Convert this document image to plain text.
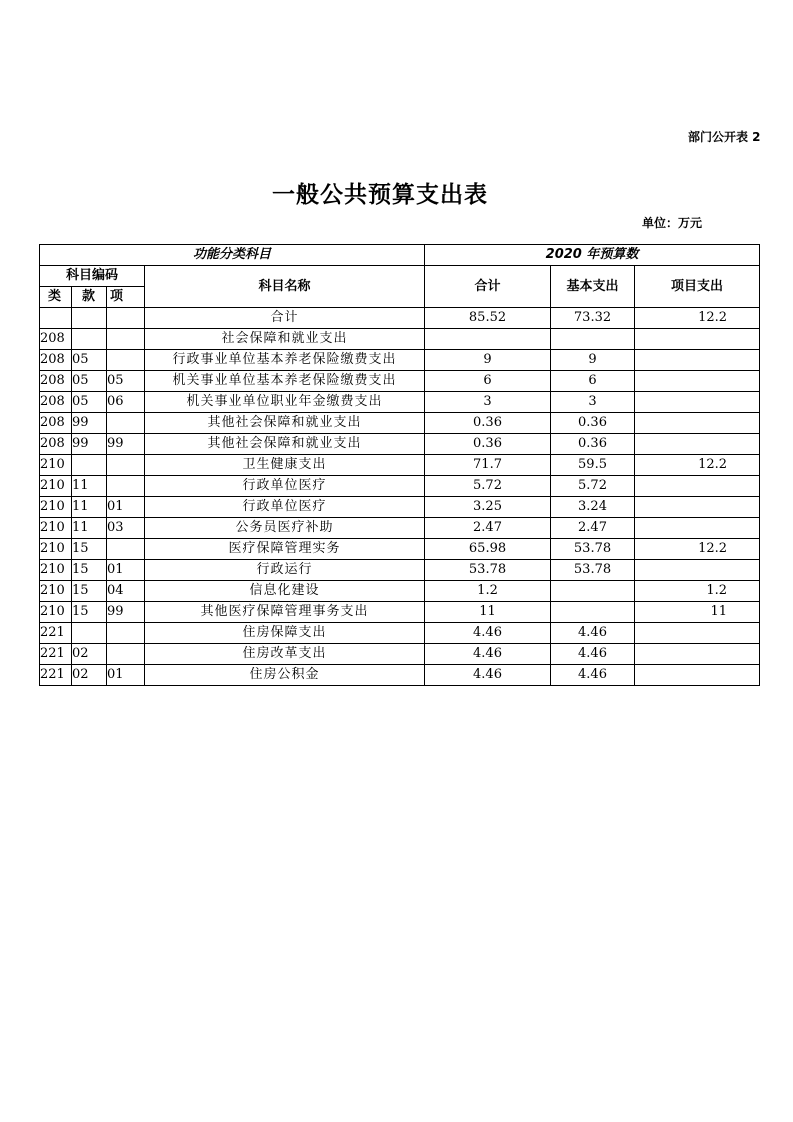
部门公开表 2
一般公共预算支出表
单位：万元
功能分类科目				2020 年预算数		
科目编码			科目名称	合计	基本支出	项目支出
类	款	项				
			合计	85.52	73.32	12.2
208			社会保障和就业支出			
208	05		行政事业单位基本养老保险缴费支出	9	9	
208	05	05	机关事业单位基本养老保险缴费支出	6	6	
208	05	06	机关事业单位职业年金缴费支出	3	3	
208	99		其他社会保障和就业支出	0.36	0.36	
208	99	99	其他社会保障和就业支出	0.36	0.36	
210			卫生健康支出	71.7	59.5	12.2
210	11		行政单位医疗	5.72	5.72	
210	11	01	行政单位医疗	3.25	3.24	
210	11	03	公务员医疗补助	2.47	2.47	
210	15		医疗保障管理实务	65.98	53.78	12.2
210	15	01	行政运行	53.78	53.78	
210	15	04	信息化建设	1.2		1.2
210	15	99	其他医疗保障管理事务支出	11		11
221			住房保障支出	4.46	4.46	
221	02		住房改革支出	4.46	4.46	
221	02	01	住房公积金	4.46	4.46	
